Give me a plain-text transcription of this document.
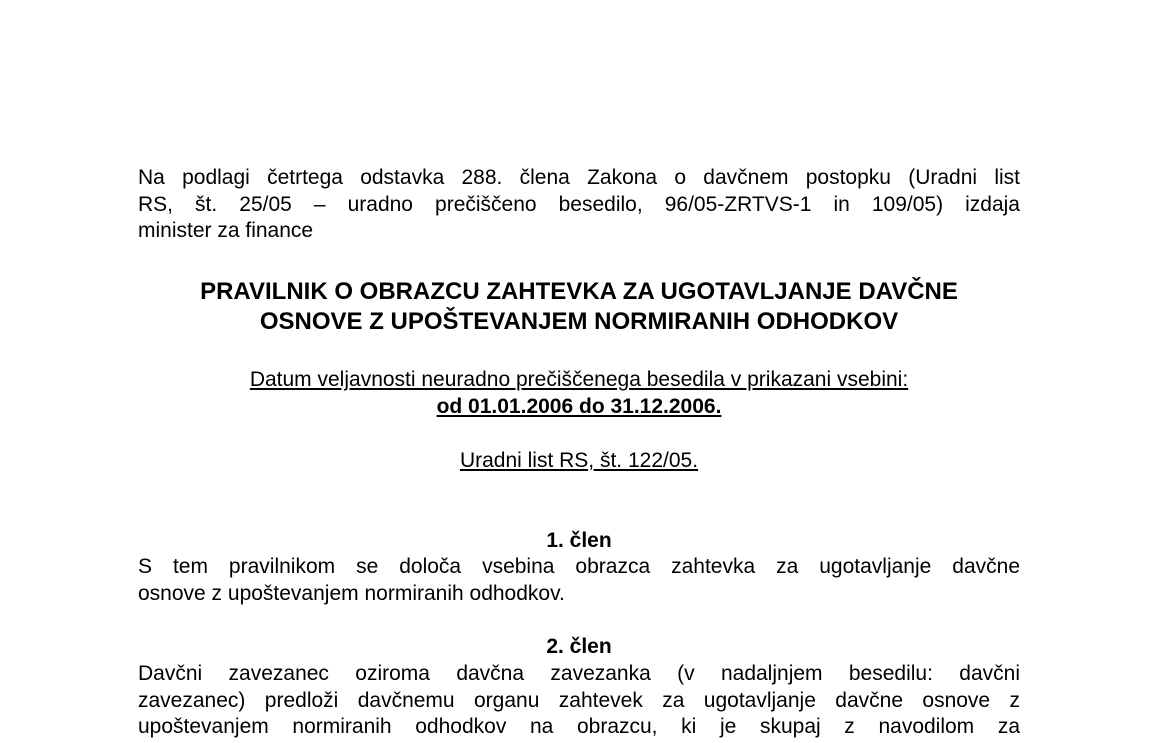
Na podlagi četrtega odstavka 288. člena Zakona o davčnem postopku (Uradni list
RS, št. 25/05 – uradno prečiščeno besedilo, 96/05-ZRTVS-1 in 109/05) izdaja
minister za finance
PRAVILNIK O OBRAZCU ZAHTEVKA ZA UGOTAVLJANJE DAVČNE
OSNOVE Z UPOŠTEVANJEM NORMIRANIH ODHODKOV
Datum veljavnosti neuradno prečiščenega besedila v prikazani vsebini:
od 01.01.2006 do 31.12.2006.
Uradni list RS, št. 122/05.
1. člen
S tem pravilnikom se določa vsebina obrazca zahtevka za ugotavljanje davčne
osnove z upoštevanjem normiranih odhodkov.
2. člen
Davčni zavezanec oziroma davčna zavezanka (v nadaljnjem besedilu: davčni
zavezanec) predloži davčnemu organu zahtevek za ugotavljanje davčne osnove z
upoštevanjem normiranih odhodkov na obrazcu, ki je skupaj z navodilom za
